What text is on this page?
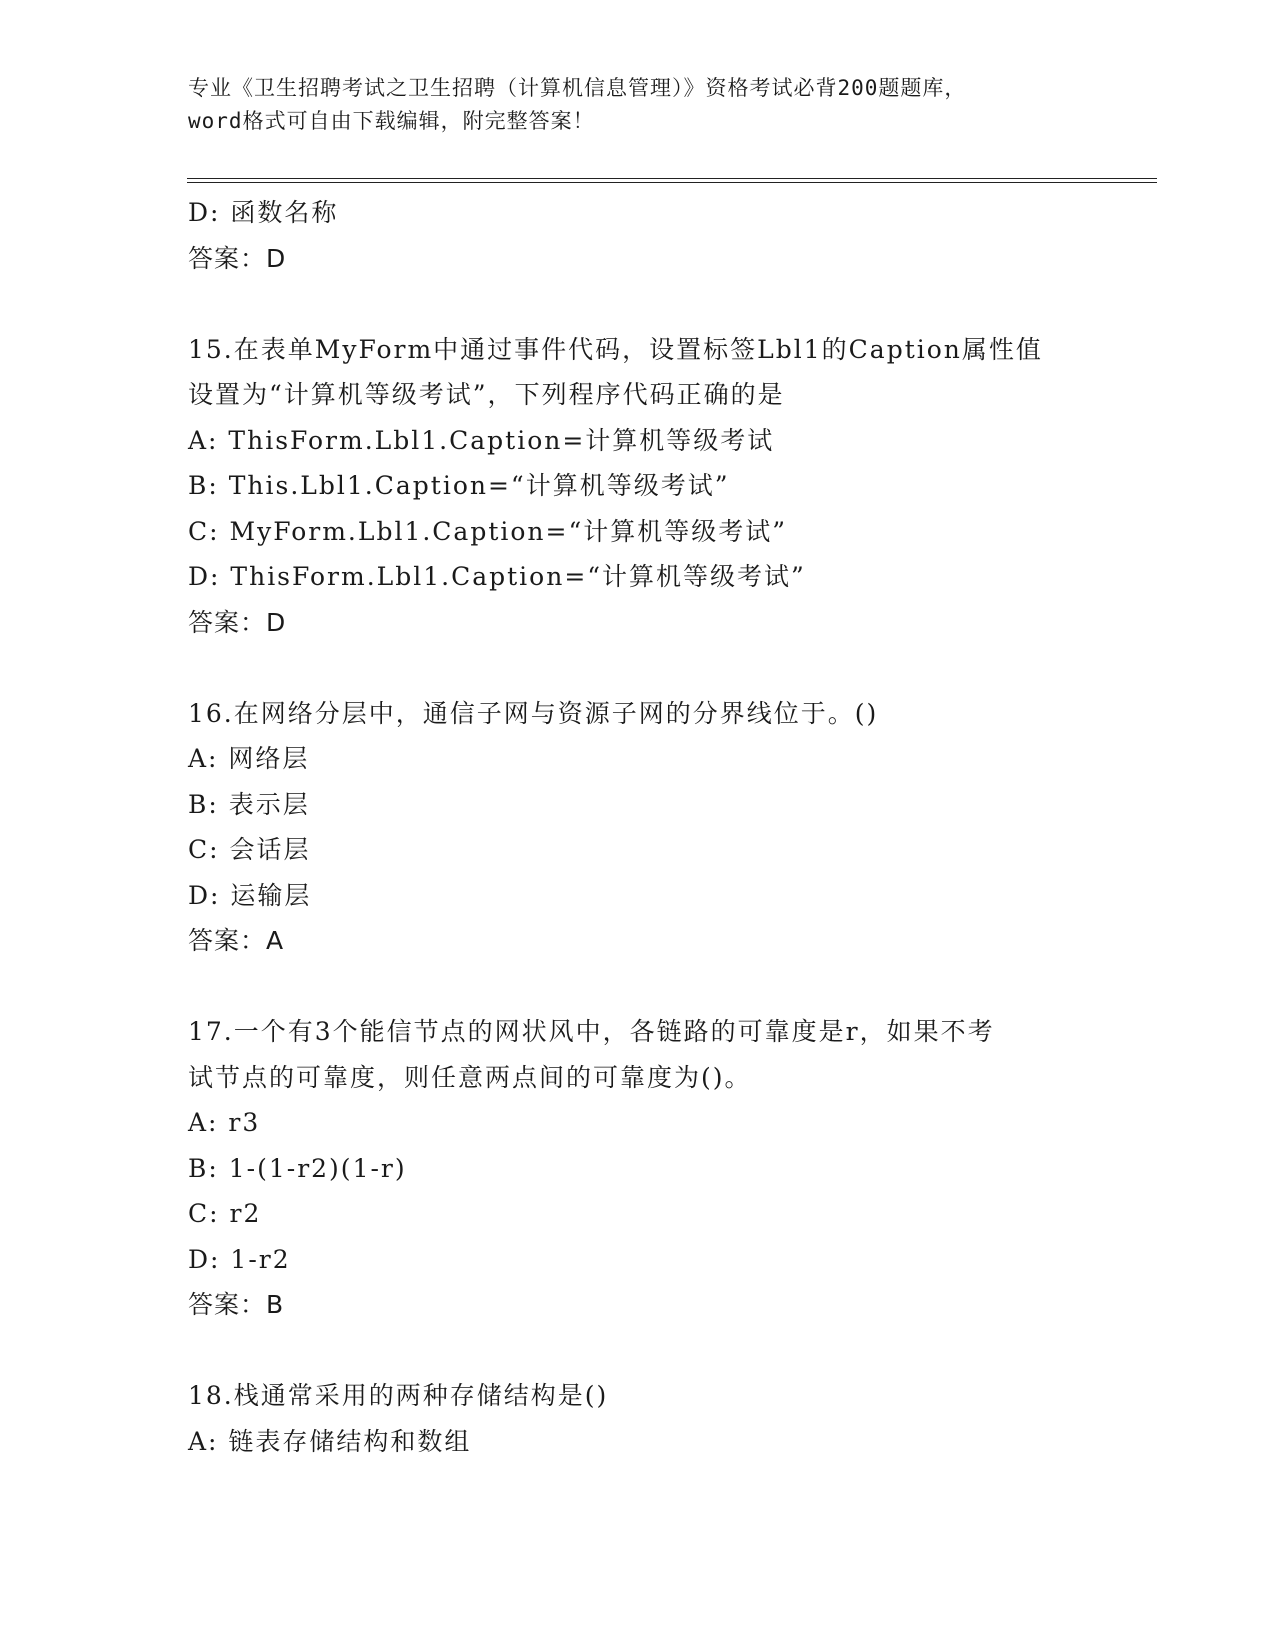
专业《卫生招聘考试之卫生招聘（计算机信息管理）》资格考试必背200题题库，
word格式可自由下载编辑，附完整答案！
D: 函数名称
答案：D
15.在表单MyForm中通过事件代码，设置标签Lbl1的Caption属性值
设置为“计算机等级考试”，下列程序代码正确的是
A: ThisForm.Lbl1.Caption=计算机等级考试
B: This.Lbl1.Caption=“计算机等级考试”
C: MyForm.Lbl1.Caption=“计算机等级考试”
D: ThisForm.Lbl1.Caption=“计算机等级考试”
答案：D
16.在网络分层中，通信子网与资源子网的分界线位于。()
A: 网络层
B: 表示层
C: 会话层
D: 运输层
答案：A
17.一个有3个能信节点的网状风中，各链路的可靠度是r，如果不考
试节点的可靠度，则任意两点间的可靠度为()。
A: r3
B: 1-(1-r2)(1-r)
C: r2
D: 1-r2
答案：B
18.栈通常采用的两种存储结构是()
A: 链表存储结构和数组
